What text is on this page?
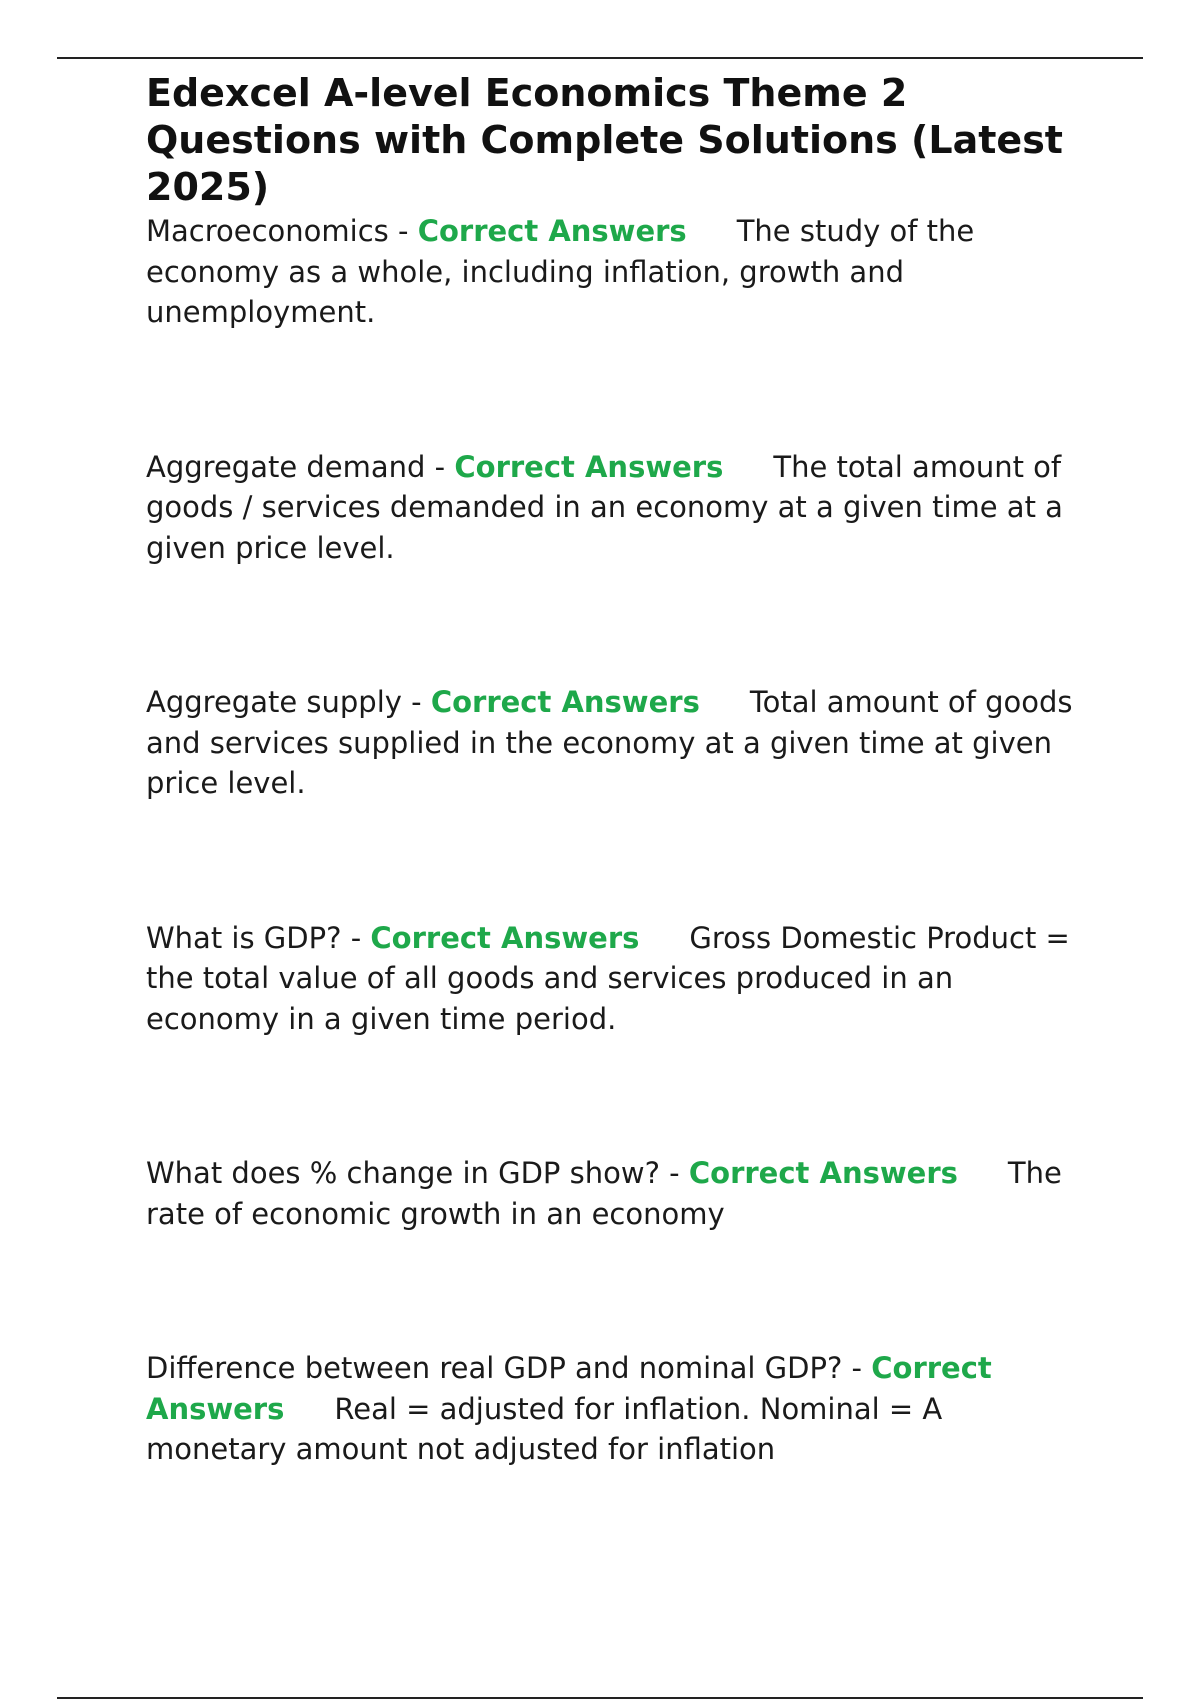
Edexcel A-level Economics Theme 2 Questions with Complete Solutions (Latest 2025)

Macroeconomics - Correct Answers The study of the economy as a whole, including inflation, growth and unemployment.

Aggregate demand - Correct Answers The total amount of goods / services demanded in an economy at a given time at a given price level.

Aggregate supply - Correct Answers Total amount of goods and services supplied in the economy at a given time at given price level.

What is GDP? - Correct Answers Gross Domestic Product = the total value of all goods and services produced in an economy in a given time period.

What does % change in GDP show? - Correct Answers The rate of economic growth in an economy

Difference between real GDP and nominal GDP? - Correct Answers Real = adjusted for inflation. Nominal = A monetary amount not adjusted for inflation
